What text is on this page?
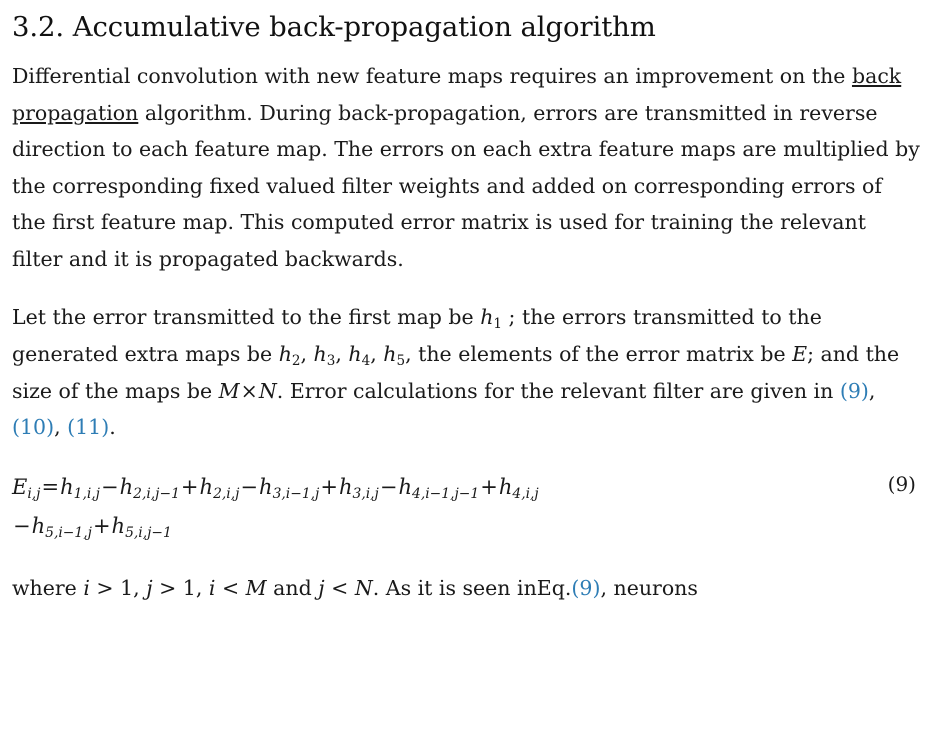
3.2. Accumulative back-propagation algorithm

Differential convolution with new feature maps requires an improvement on the back propagation algorithm. During back-propagation, errors are transmitted in reverse direction to each feature map. The errors on each extra feature maps are multiplied by the corresponding fixed valued filter weights and added on corresponding errors of the first feature map. This computed error matrix is used for training the relevant filter and it is propagated backwards.

Let the error transmitted to the first map be h1 ; the errors transmitted to the generated extra maps be h2, h3, h4, h5, the elements of the error matrix be E; and the size of the maps be M×N. Error calculations for the relevant filter are given in (9), (10), (11).

$E_{i,j}=h_{1,i,j}-h_{2,i,j-1}+h_{2,i,j}-h_{3,i-1,j}+h_{3,i,j}-h_{4,i-1,j-1}+h_{4,i,j}$
$-h_{5,i-1,j}+h_{5,i,j-1}$
(9)

where i > 1, j > 1, i < M and j < N. As it is seen inEq.(9), neurons
